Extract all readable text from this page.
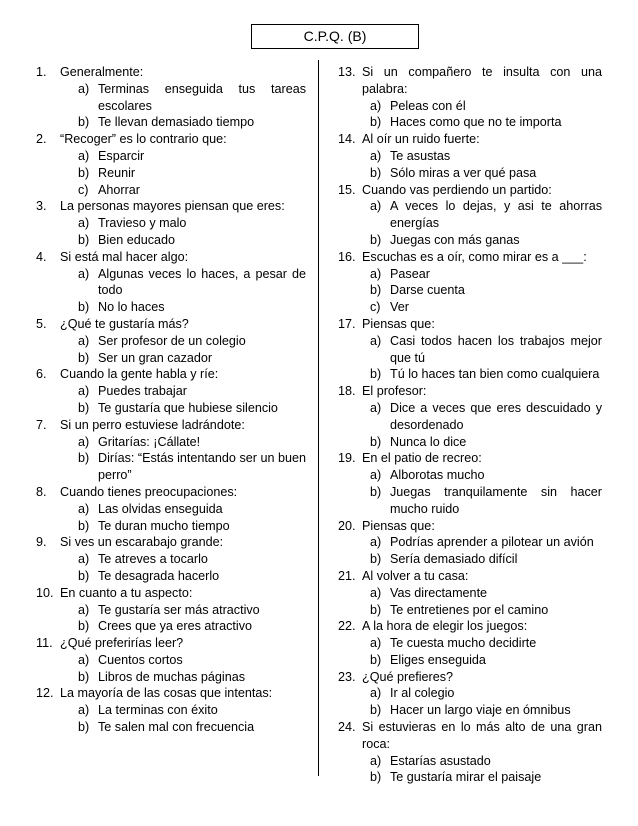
C.P.Q. (B)
1.	Generalmente:
a) Terminas enseguida tus tareas escolares
b) Te llevan demasiado tiempo
2.	“Recoger” es lo contrario que:
a) Esparcir
b) Reunir
c) Ahorrar
3.	La personas mayores piensan que eres:
a) Travieso y malo
b) Bien educado
4.	Si está mal hacer algo:
a) Algunas veces lo haces, a pesar de todo
b) No lo haces
5.	¿Qué te gustaría más?
a) Ser profesor de un colegio
b) Ser un gran cazador
6.	Cuando la gente habla y ríe:
a) Puedes trabajar
b) Te gustaría que hubiese silencio
7.	Si un perro estuviese ladrándote:
a) Gritarías: ¡Cállate!
b) Dirías: “Estás intentando ser un buen perro”
8.	Cuando tienes preocupaciones:
a) Las olvidas enseguida
b) Te duran mucho tiempo
9.	Si ves un escarabajo grande:
a) Te atreves a tocarlo
b) Te desagrada hacerlo
10. En cuanto a tu aspecto:
a) Te gustaría ser más atractivo
b) Crees que ya eres atractivo
11. ¿Qué preferirías leer?
a) Cuentos cortos
b) Libros de muchas páginas
12. La mayoría de las cosas que intentas:
a) La terminas con éxito
b) Te salen mal con frecuencia
13. Si un compañero te insulta con una palabra:
a) Peleas con él
b) Haces como que no te importa
14. Al oír un ruido fuerte:
a) Te asustas
b) Sólo miras a ver qué pasa
15. Cuando vas perdiendo un partido:
a) A veces lo dejas, y asi te ahorras energías
b) Juegas con más ganas
16. Escuchas es a oír, como mirar es a ___:
a) Pasear
b) Darse cuenta
c) Ver
17. Piensas que:
a) Casi todos hacen los trabajos mejor que tú
b) Tú lo haces tan bien como cualquiera
18. El profesor:
a) Dice a veces que eres descuidado y desordenado
b) Nunca lo dice
19. En el patio de recreo:
a) Alborotas mucho
b) Juegas tranquilamente sin hacer mucho ruido
20. Piensas que:
a) Podrías aprender a pilotear un avión
b) Sería demasiado difícil
21. Al volver a tu casa:
a) Vas directamente
b) Te entretienes por el camino
22. A la hora de elegir los juegos:
a) Te cuesta mucho decidirte
b) Eliges enseguida
23. ¿Qué prefieres?
a) Ir al colegio
b) Hacer un largo viaje en ómnibus
24. Si estuvieras en lo más alto de una gran roca:
a) Estarías asustado
b) Te gustaría mirar el paisaje
